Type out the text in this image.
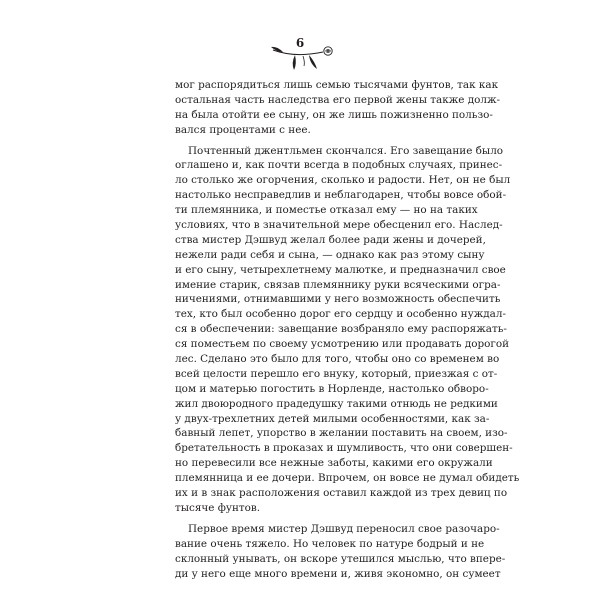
6
мог распорядиться лишь семью тысячами фунтов, так как
остальная часть наследства его первой жены также долж-
на была отойти ее сыну, он же лишь пожизненно пользо-
вался процентами с нее.
Почтенный джентльмен скончался. Его завещание было
оглашено и, как почти всегда в подобных случаях, принес-
ло столько же огорчения, сколько и радости. Нет, он не был
настолько несправедлив и неблагодарен, чтобы вовсе обой-
ти племянника, и поместье отказал ему — но на таких
условиях, что в значительной мере обесценил его. Наслед-
ства мистер Дэшвуд желал более ради жены и дочерей,
нежели ради себя и сына, — однако как раз этому сыну
и его сыну, четырехлетнему малютке, и предназначил свое
имение старик, связав племяннику руки всяческими огра-
ничениями, отнимавшими у него возможность обеспечить
тех, кто был особенно дорог его сердцу и особенно нуждал-
ся в обеспечении: завещание возбраняло ему распоряжать-
ся поместьем по своему усмотрению или продавать дорогой
лес. Сделано это было для того, чтобы оно со временем во
всей целости перешло его внуку, который, приезжая с от-
цом и матерью погостить в Норленде, настолько обворо-
жил двоюродного прадедушку такими отнюдь не редкими
у двух-трехлетних детей милыми особенностями, как за-
бавный лепет, упорство в желании поставить на своем, изо-
бретательность в проказах и шумливость, что они совершен-
но перевесили все нежные заботы, какими его окружали
племянница и ее дочери. Впрочем, он вовсе не думал обидеть
их и в знак расположения оставил каждой из трех девиц по
тысяче фунтов.
Первое время мистер Дэшвуд переносил свое разочаро-
вание очень тяжело. Но человек по натуре бодрый и не
склонный унывать, он вскоре утешился мыслью, что впере-
ди у него еще много времени и, живя экономно, он сумеет
